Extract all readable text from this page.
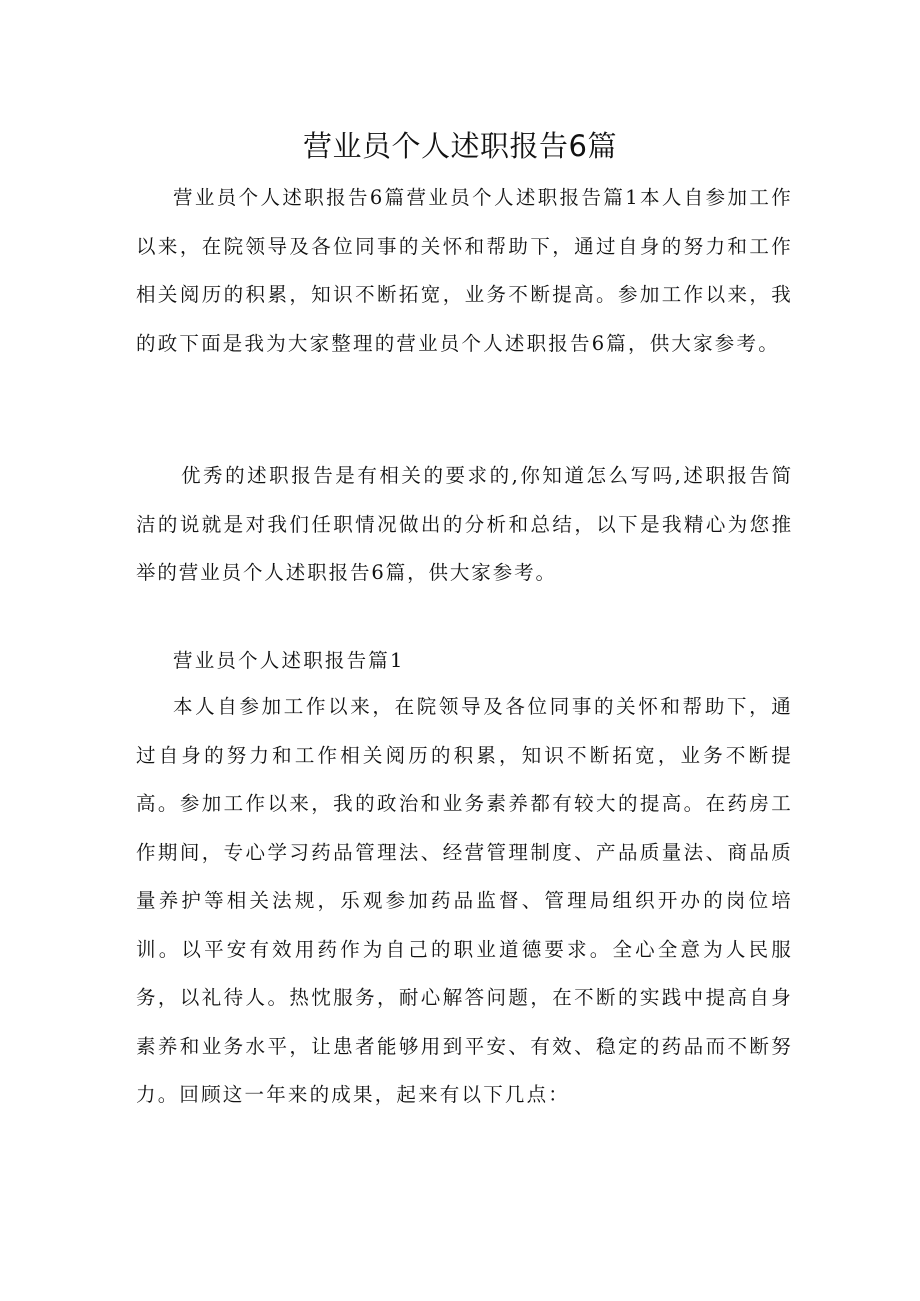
营业员个人述职报告6篇

营业员个人述职报告6篇营业员个人述职报告篇1本人自参加工作以来，在院领导及各位同事的关怀和帮助下，通过自身的努力和工作相关阅历的积累，知识不断拓宽，业务不断提高。参加工作以来，我的政下面是我为大家整理的营业员个人述职报告6篇，供大家参考。

优秀的述职报告是有相关的要求的,你知道怎么写吗,述职报告简洁的说就是对我们任职情况做出的分析和总结，以下是我精心为您推举的营业员个人述职报告6篇，供大家参考。

营业员个人述职报告篇1

本人自参加工作以来，在院领导及各位同事的关怀和帮助下，通过自身的努力和工作相关阅历的积累，知识不断拓宽，业务不断提高。参加工作以来，我的政治和业务素养都有较大的提高。在药房工作期间，专心学习药品管理法、经营管理制度、产品质量法、商品质量养护等相关法规，乐观参加药品监督、管理局组织开办的岗位培训。以平安有效用药作为自己的职业道德要求。全心全意为人民服务，以礼待人。热忱服务，耐心解答问题，在不断的实践中提高自身素养和业务水平，让患者能够用到平安、有效、稳定的药品而不断努力。回顾这一年来的成果，起来有以下几点：
